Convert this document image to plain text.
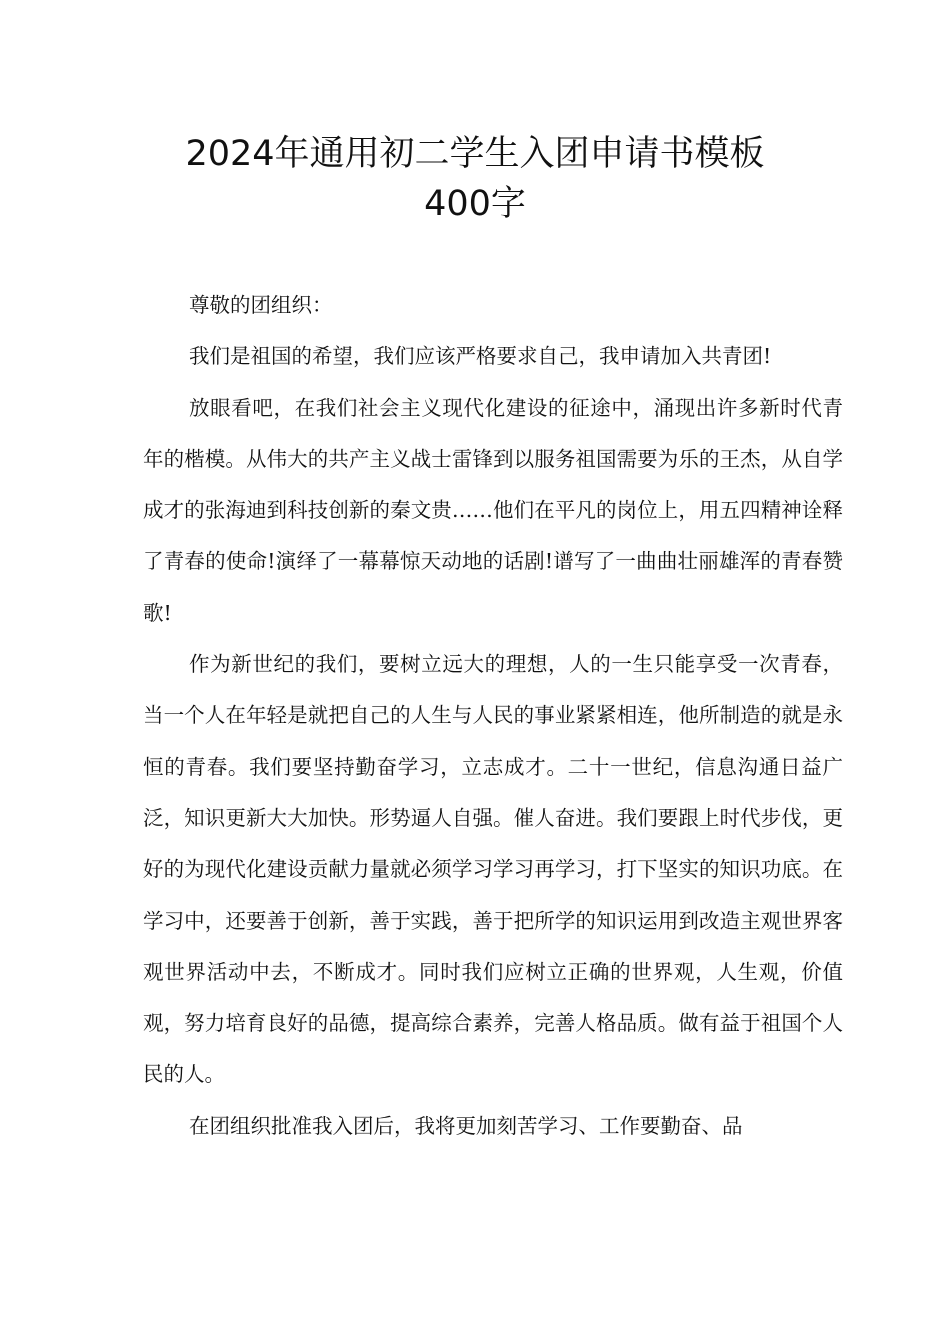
2024年通用初二学生入团申请书模板
400字

尊敬的团组织：

我们是祖国的希望，我们应该严格要求自己，我申请加入共青团!

放眼看吧，在我们社会主义现代化建设的征途中，涌现出许多新时代青年的楷模。从伟大的共产主义战士雷锋到以服务祖国需要为乐的王杰，从自学成才的张海迪到科技创新的秦文贵……他们在平凡的岗位上，用五四精神诠释了青春的使命!演绎了一幕幕惊天动地的话剧!谱写了一曲曲壮丽雄浑的青春赞歌!

作为新世纪的我们，要树立远大的理想，人的一生只能享受一次青春，当一个人在年轻是就把自己的人生与人民的事业紧紧相连，他所制造的就是永恒的青春。我们要坚持勤奋学习，立志成才。二十一世纪，信息沟通日益广泛，知识更新大大加快。形势逼人自强。催人奋进。我们要跟上时代步伐，更好的为现代化建设贡献力量就必须学习学习再学习，打下坚实的知识功底。在学习中，还要善于创新，善于实践，善于把所学的知识运用到改造主观世界客观世界活动中去，不断成才。同时我们应树立正确的世界观，人生观，价值观，努力培育良好的品德，提高综合素养，完善人格品质。做有益于祖国个人民的人。

在团组织批准我入团后，我将更加刻苦学习、工作要勤奋、品
